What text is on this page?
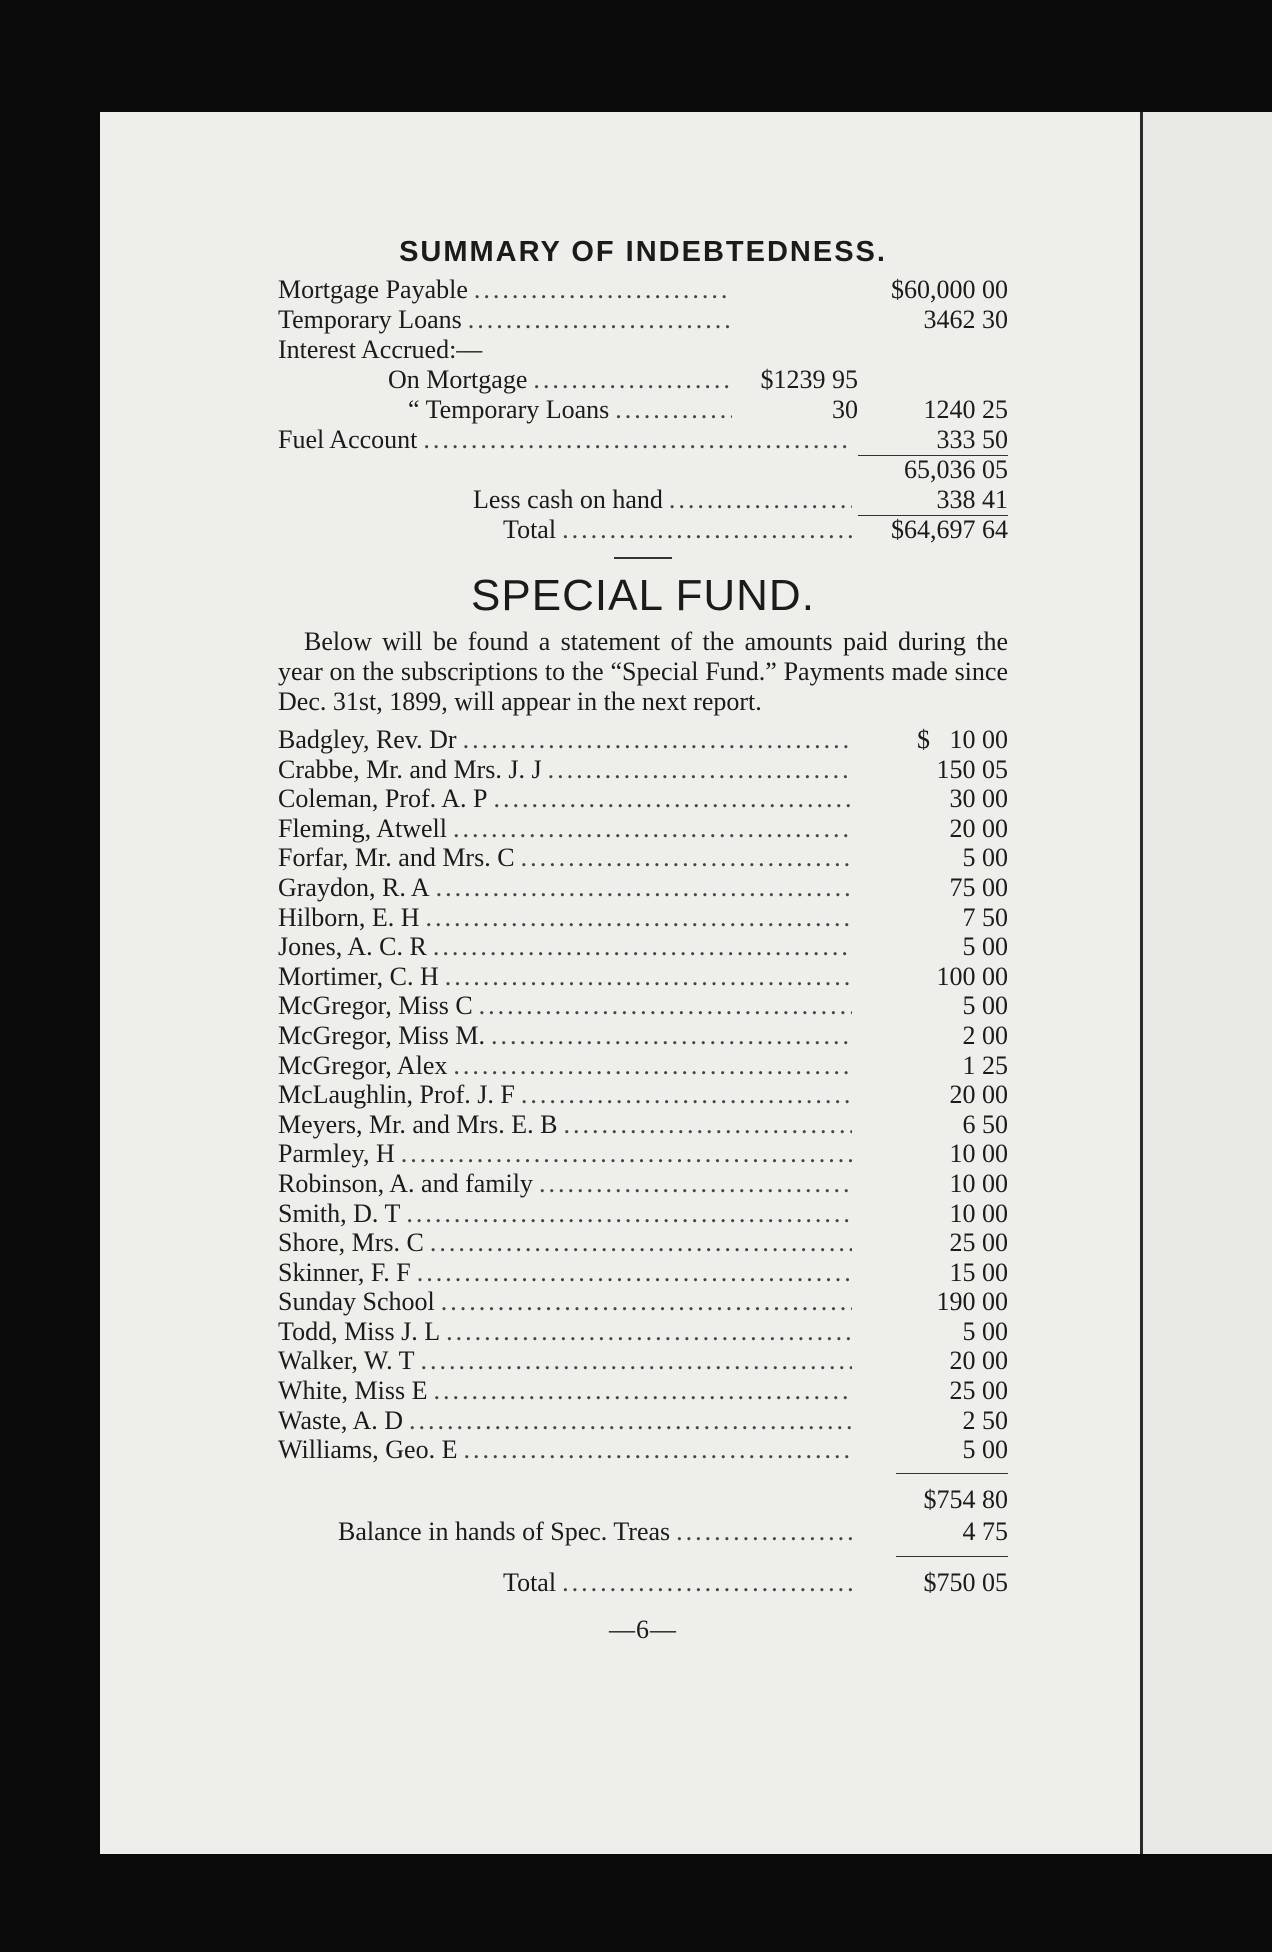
SUMMARY OF INDEBTEDNESS.
Mortgage Payable .....	$60,000 00
Temporary Loans .....	3462 30
Interest Accrued:—
On Mortgage .....	$1239 95
“ Temporary Loans .....	30	1240 25
Fuel Account .....	333 50
65,036 05
Less cash on hand .....	338 41
Total .....	$64,697 64
SPECIAL FUND.

Below will be found a statement of the amounts paid during the year on the subscriptions to the “Special Fund.” Payments made since Dec. 31st, 1899, will appear in the next report.

Badgley, Rev. Dr .....	$   10 00
Crabbe, Mr. and Mrs. J. J .....	150 05
Coleman, Prof. A. P .....	30 00
Fleming, Atwell .....	20 00
Forfar, Mr. and Mrs. C .....	5 00
Graydon, R. A .....	75 00
Hilborn, E. H .....	7 50
Jones, A. C. R .....	5 00
Mortimer, C. H .....	100 00
McGregor, Miss C .....	5 00
McGregor, Miss M. .....	2 00
McGregor, Alex .....	1 25
McLaughlin, Prof. J. F .....	20 00
Meyers, Mr. and Mrs. E. B .....	6 50
Parmley, H .....	10 00
Robinson, A. and family .....	10 00
Smith, D. T .....	10 00
Shore, Mrs. C .....	25 00
Skinner, F. F .....	15 00
Sunday School .....	190 00
Todd, Miss J. L .....	5 00
Walker, W. T .....	20 00
White, Miss E .....	25 00
Waste, A. D .....	2 50
Williams, Geo. E .....	5 00
$754 80
Balance in hands of Spec. Treas .....	4 75
Total .....	$750 05
—6—
